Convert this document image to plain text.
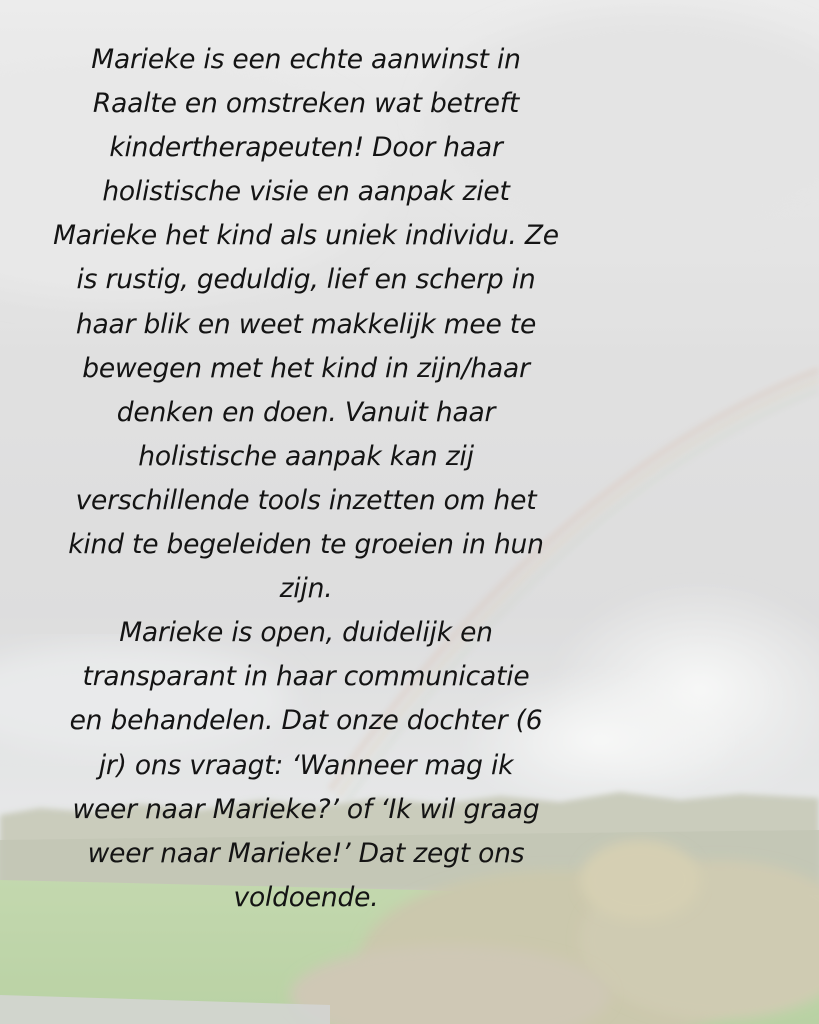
Marieke is een echte aanwinst in
Raalte en omstreken wat betreft
kindertherapeuten! Door haar
holistische visie en aanpak ziet
Marieke het kind als uniek individu. Ze
is rustig, geduldig, lief en scherp in
haar blik en weet makkelijk mee te
bewegen met het kind in zijn/haar
denken en doen. Vanuit haar
holistische aanpak kan zij
verschillende tools inzetten om het
kind te begeleiden te groeien in hun
zijn.
Marieke is open, duidelijk en
transparant in haar communicatie
en behandelen. Dat onze dochter (6
jr) ons vraagt: ‘Wanneer mag ik
weer naar Marieke?’ of ‘Ik wil graag
weer naar Marieke!’ Dat zegt ons
voldoende.
